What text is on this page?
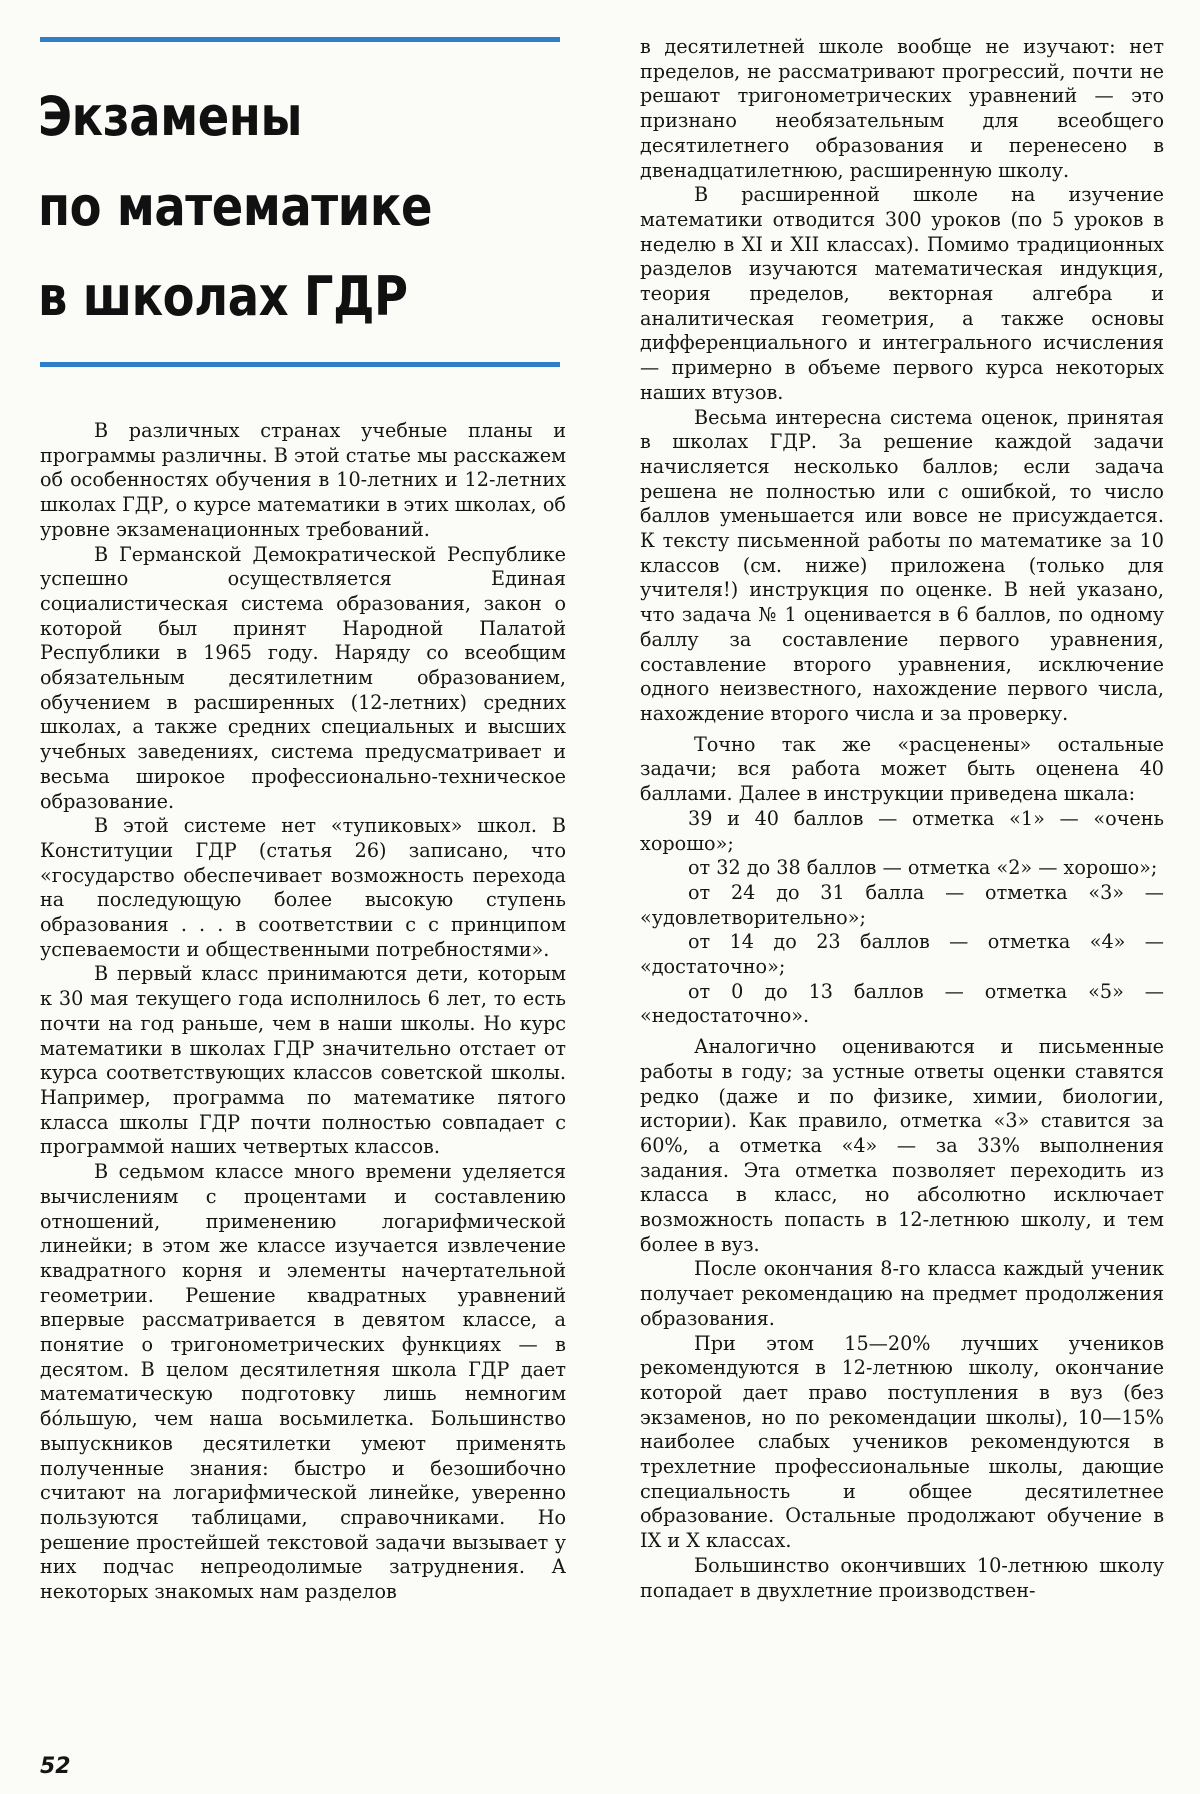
Экзамены
по математике
в школах ГДР

В различных странах учебные планы и программы различны. В этой статье мы расскажем об особенностях обучения в 10-летних и 12-летних школах ГДР, о курсе математики в этих школах, об уровне экзаменационных требований.

В Германской Демократической Республике успешно осуществляется Единая социалистическая система образования, закон о которой был принят Народной Палатой Республики в 1965 году. Наряду со всеобщим обязательным десятилетним образованием, обучением в расширенных (12-летних) средних школах, а также средних специальных и высших учебных заведениях, система предусматривает и весьма широкое профессионально-техническое образование.

В этой системе нет «тупиковых» школ. В Конституции ГДР (статья 26) записано, что «государство обеспечивает возможность перехода на последующую более высокую ступень образования . . . в соответствии с с принципом успеваемости и общественными потребностями».

В первый класс принимаются дети, которым к 30 мая текущего года исполнилось 6 лет, то есть почти на год раньше, чем в наши школы. Но курс математики в школах ГДР значительно отстает от курса соответствующих классов советской школы. Например, программа по математике пятого класса школы ГДР почти полностью совпадает с программой наших четвертых классов.

В седьмом классе много времени уделяется вычислениям с процентами и составлению отношений, применению логарифмической линейки; в этом же классе изучается извлечение квадратного корня и элементы начертательной геометрии. Решение квадратных уравнений впервые рассматривается в девятом классе, а понятие о тригонометрических функциях — в десятом. В целом десятилетняя школа ГДР дает математическую подготовку лишь немногим бо́льшую, чем наша восьмилетка. Большинство выпускников десятилетки умеют применять полученные знания: быстро и безошибочно считают на логарифмической линейке, уверенно пользуются таблицами, справочниками. Но решение простейшей текстовой задачи вызывает у них подчас непреодолимые затруднения. А некоторых знакомых нам разделов

в десятилетней школе вообще не изучают: нет пределов, не рассматривают прогрессий, почти не решают тригонометрических уравнений — это признано необязательным для всеобщего десятилетнего образования и перенесено в двенадцатилетнюю, расширенную школу.

В расширенной школе на изучение математики отводится 300 уроков (по 5 уроков в неделю в XI и XII классах). Помимо традиционных разделов изучаются математическая индукция, теория пределов, векторная алгебра и аналитическая геометрия, а также основы дифференциального и интегрального исчисления — примерно в объеме первого курса некоторых наших втузов.

Весьма интересна система оценок, принятая в школах ГДР. За решение каждой задачи начисляется несколько баллов; если задача решена не полностью или с ошибкой, то число баллов уменьшается или вовсе не присуждается. К тексту письменной работы по математике за 10 классов (см. ниже) приложена (только для учителя!) инструкция по оценке. В ней указано, что задача № 1 оценивается в 6 баллов, по одному баллу за составление первого уравнения, составление второго уравнения, исключение одного неизвестного, нахождение первого числа, нахождение второго числа и за проверку.

Точно так же «расценены» остальные задачи; вся работа может быть оценена 40 баллами. Далее в инструкции приведена шкала:

39 и 40 баллов — отметка «1» — «очень хорошо»;

от 32 до 38 баллов — отметка «2» — хорошо»;

от 24 до 31 балла — отметка «3» — «удовлетворительно»;

от 14 до 23 баллов — отметка «4» — «достаточно»;

от 0 до 13 баллов — отметка «5» — «недостаточно».

Аналогично оцениваются и письменные работы в году; за устные ответы оценки ставятся редко (даже и по физике, химии, биологии, истории). Как правило, отметка «3» ставится за 60%, а отметка «4» — за 33% выполнения задания. Эта отметка позволяет переходить из класса в класс, но абсолютно исключает возможность попасть в 12-летнюю школу, и тем более в вуз.

После окончания 8-го класса каждый ученик получает рекомендацию на предмет продолжения образования.

При этом 15—20% лучших учеников рекомендуются в 12-летнюю школу, окончание которой дает право поступления в вуз (без экзаменов, но по рекомендации школы), 10—15% наиболее слабых учеников рекомендуются в трехлетние профессиональные школы, дающие специальность и общее десятилетнее образование. Остальные продолжают обучение в IX и X классах.

Большинство окончивших 10-летнюю школу попадает в двухлетние производствен-

52
